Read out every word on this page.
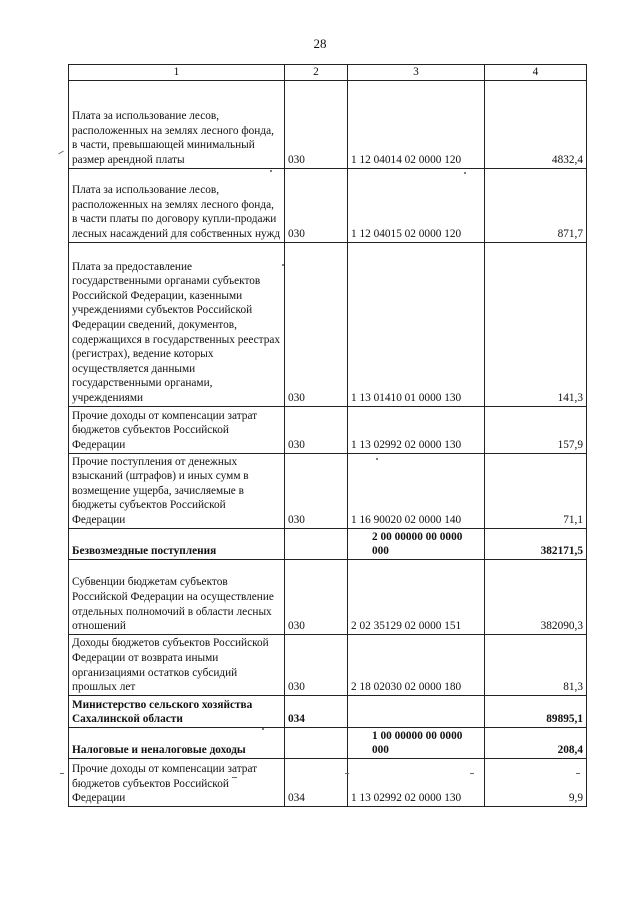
28
1	2	3	4
Плата за использование лесов, расположенных на землях лесного фонда, в части, превышающей минимальный размер арендной платы	030	1 12 04014 02 0000 120	4832,4
Плата за использование лесов, расположенных на землях лесного фонда, в части платы по договору купли-продажи лесных насаждений для собственных нужд	030	1 12 04015 02 0000 120	871,7
Плата за предоставление государственными органами субъектов Российской Федерации, казенными учреждениями субъектов Российской Федерации сведений, документов, содержащихся в государственных реестрах (регистрах), ведение которых осуществляется данными государственными органами, учреждениями	030	1 13 01410 01 0000 130	141,3
Прочие доходы от компенсации затрат бюджетов субъектов Российской Федерации	030	1 13 02992 02 0000 130	157,9
Прочие поступления от денежных взысканий (штрафов) и иных сумм в возмещение ущерба, зачисляемые в бюджеты субъектов Российской Федерации	030	1 16 90020 02 0000 140	71,1
Безвозмездные поступления		2 00 00000 00 0000 000	382171,5
Субвенции бюджетам субъектов Российской Федерации на осуществление отдельных полномочий в области лесных отношений	030	2 02 35129 02 0000 151	382090,3
Доходы бюджетов субъектов Российской Федерации от возврата иными организациями остатков субсидий прошлых лет	030	2 18 02030 02 0000 180	81,3
Министерство сельского хозяйства Сахалинской области	034		89895,1
Налоговые и неналоговые доходы		1 00 00000 00 0000 000	208,4
Прочие доходы от компенсации затрат бюджетов субъектов Российской Федерации	034	1 13 02992 02 0000 130	9,9
